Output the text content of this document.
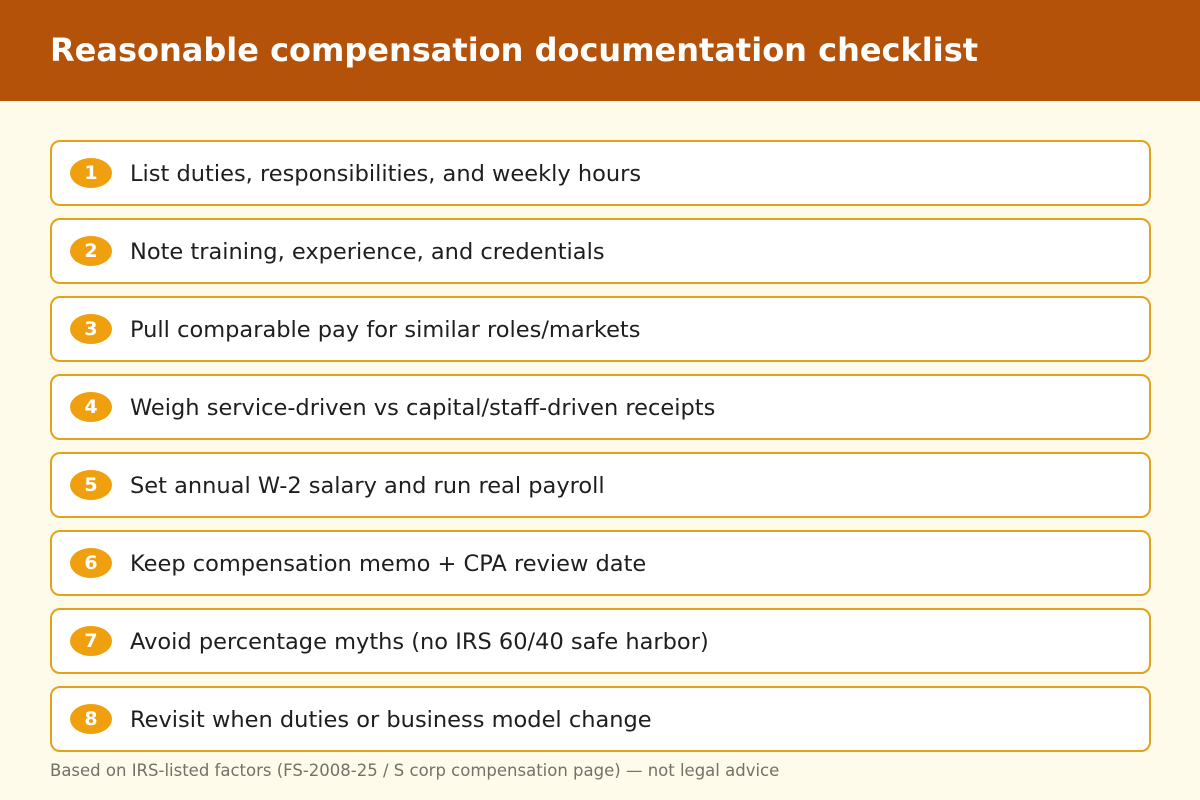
Reasonable compensation documentation checklist
1	List duties, responsibilities, and weekly hours
2	Note training, experience, and credentials
3	Pull comparable pay for similar roles/markets
4	Weigh service-driven vs capital/staff-driven receipts
5	Set annual W-2 salary and run real payroll
6	Keep compensation memo + CPA review date
7	Avoid percentage myths (no IRS 60/40 safe harbor)
8	Revisit when duties or business model change
Based on IRS-listed factors (FS-2008-25 / S corp compensation page) — not legal advice
